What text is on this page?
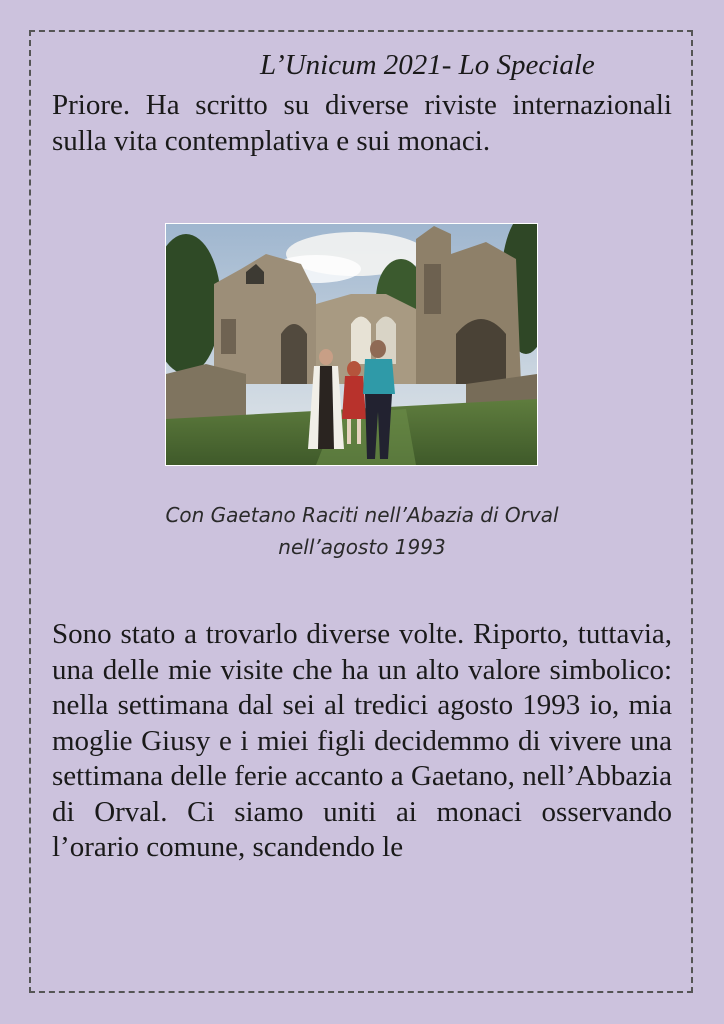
L’Unicum 2021- Lo Speciale

Priore. Ha scritto su diverse riviste internazionali sulla vita contemplativa e sui monaci.

Con Gaetano Raciti nell’Abazia di Orval
nell’agosto 1993

Sono stato a trovarlo diverse volte. Riporto, tuttavia, una delle mie visite che ha un alto valore simbolico: nella settimana dal sei al tredici agosto 1993 io, mia moglie Giusy e i miei figli decidemmo di vivere una settimana delle ferie accanto a Gaetano, nell’Abbazia di Orval. Ci siamo uniti ai monaci osservando l’orario comune, scandendo le
